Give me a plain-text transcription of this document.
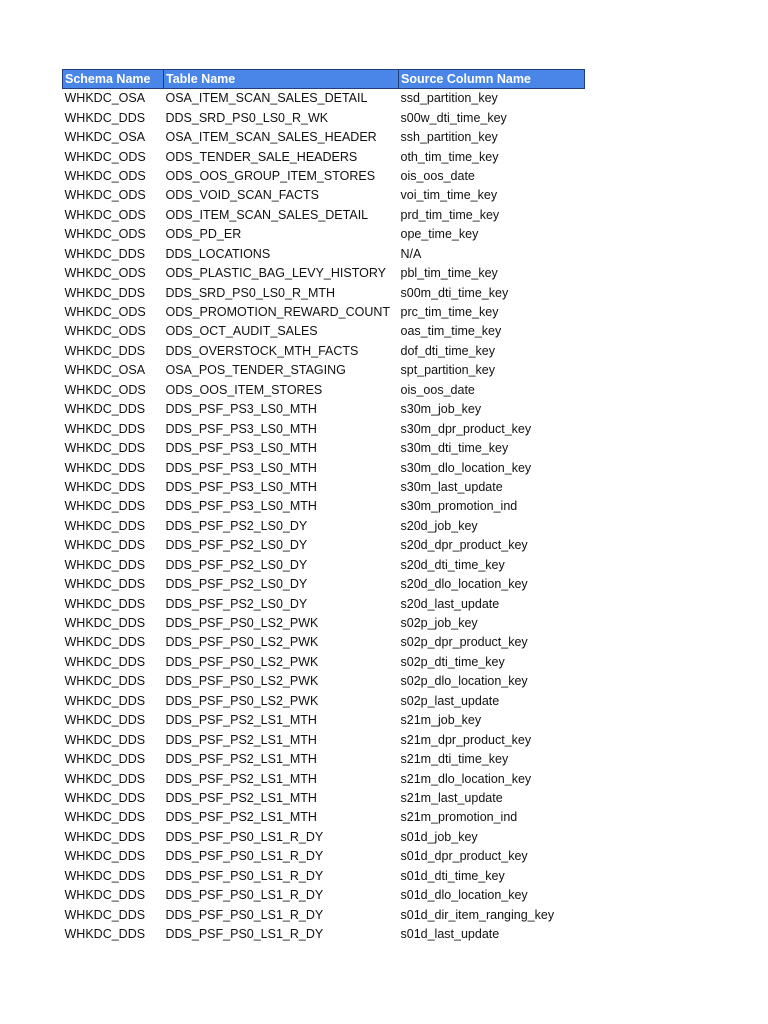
Schema Name	Table Name	Source Column Name
WHKDC_OSA	OSA_ITEM_SCAN_SALES_DETAIL	ssd_partition_key
WHKDC_DDS	DDS_SRD_PS0_LS0_R_WK	s00w_dti_time_key
WHKDC_OSA	OSA_ITEM_SCAN_SALES_HEADER	ssh_partition_key
WHKDC_ODS	ODS_TENDER_SALE_HEADERS	oth_tim_time_key
WHKDC_ODS	ODS_OOS_GROUP_ITEM_STORES	ois_oos_date
WHKDC_ODS	ODS_VOID_SCAN_FACTS	voi_tim_time_key
WHKDC_ODS	ODS_ITEM_SCAN_SALES_DETAIL	prd_tim_time_key
WHKDC_ODS	ODS_PD_ER	ope_time_key
WHKDC_DDS	DDS_LOCATIONS	N/A
WHKDC_ODS	ODS_PLASTIC_BAG_LEVY_HISTORY	pbl_tim_time_key
WHKDC_DDS	DDS_SRD_PS0_LS0_R_MTH	s00m_dti_time_key
WHKDC_ODS	ODS_PROMOTION_REWARD_COUNT	prc_tim_time_key
WHKDC_ODS	ODS_OCT_AUDIT_SALES	oas_tim_time_key
WHKDC_DDS	DDS_OVERSTOCK_MTH_FACTS	dof_dti_time_key
WHKDC_OSA	OSA_POS_TENDER_STAGING	spt_partition_key
WHKDC_ODS	ODS_OOS_ITEM_STORES	ois_oos_date
WHKDC_DDS	DDS_PSF_PS3_LS0_MTH	s30m_job_key
WHKDC_DDS	DDS_PSF_PS3_LS0_MTH	s30m_dpr_product_key
WHKDC_DDS	DDS_PSF_PS3_LS0_MTH	s30m_dti_time_key
WHKDC_DDS	DDS_PSF_PS3_LS0_MTH	s30m_dlo_location_key
WHKDC_DDS	DDS_PSF_PS3_LS0_MTH	s30m_last_update
WHKDC_DDS	DDS_PSF_PS3_LS0_MTH	s30m_promotion_ind
WHKDC_DDS	DDS_PSF_PS2_LS0_DY	s20d_job_key
WHKDC_DDS	DDS_PSF_PS2_LS0_DY	s20d_dpr_product_key
WHKDC_DDS	DDS_PSF_PS2_LS0_DY	s20d_dti_time_key
WHKDC_DDS	DDS_PSF_PS2_LS0_DY	s20d_dlo_location_key
WHKDC_DDS	DDS_PSF_PS2_LS0_DY	s20d_last_update
WHKDC_DDS	DDS_PSF_PS0_LS2_PWK	s02p_job_key
WHKDC_DDS	DDS_PSF_PS0_LS2_PWK	s02p_dpr_product_key
WHKDC_DDS	DDS_PSF_PS0_LS2_PWK	s02p_dti_time_key
WHKDC_DDS	DDS_PSF_PS0_LS2_PWK	s02p_dlo_location_key
WHKDC_DDS	DDS_PSF_PS0_LS2_PWK	s02p_last_update
WHKDC_DDS	DDS_PSF_PS2_LS1_MTH	s21m_job_key
WHKDC_DDS	DDS_PSF_PS2_LS1_MTH	s21m_dpr_product_key
WHKDC_DDS	DDS_PSF_PS2_LS1_MTH	s21m_dti_time_key
WHKDC_DDS	DDS_PSF_PS2_LS1_MTH	s21m_dlo_location_key
WHKDC_DDS	DDS_PSF_PS2_LS1_MTH	s21m_last_update
WHKDC_DDS	DDS_PSF_PS2_LS1_MTH	s21m_promotion_ind
WHKDC_DDS	DDS_PSF_PS0_LS1_R_DY	s01d_job_key
WHKDC_DDS	DDS_PSF_PS0_LS1_R_DY	s01d_dpr_product_key
WHKDC_DDS	DDS_PSF_PS0_LS1_R_DY	s01d_dti_time_key
WHKDC_DDS	DDS_PSF_PS0_LS1_R_DY	s01d_dlo_location_key
WHKDC_DDS	DDS_PSF_PS0_LS1_R_DY	s01d_dir_item_ranging_key
WHKDC_DDS	DDS_PSF_PS0_LS1_R_DY	s01d_last_update
